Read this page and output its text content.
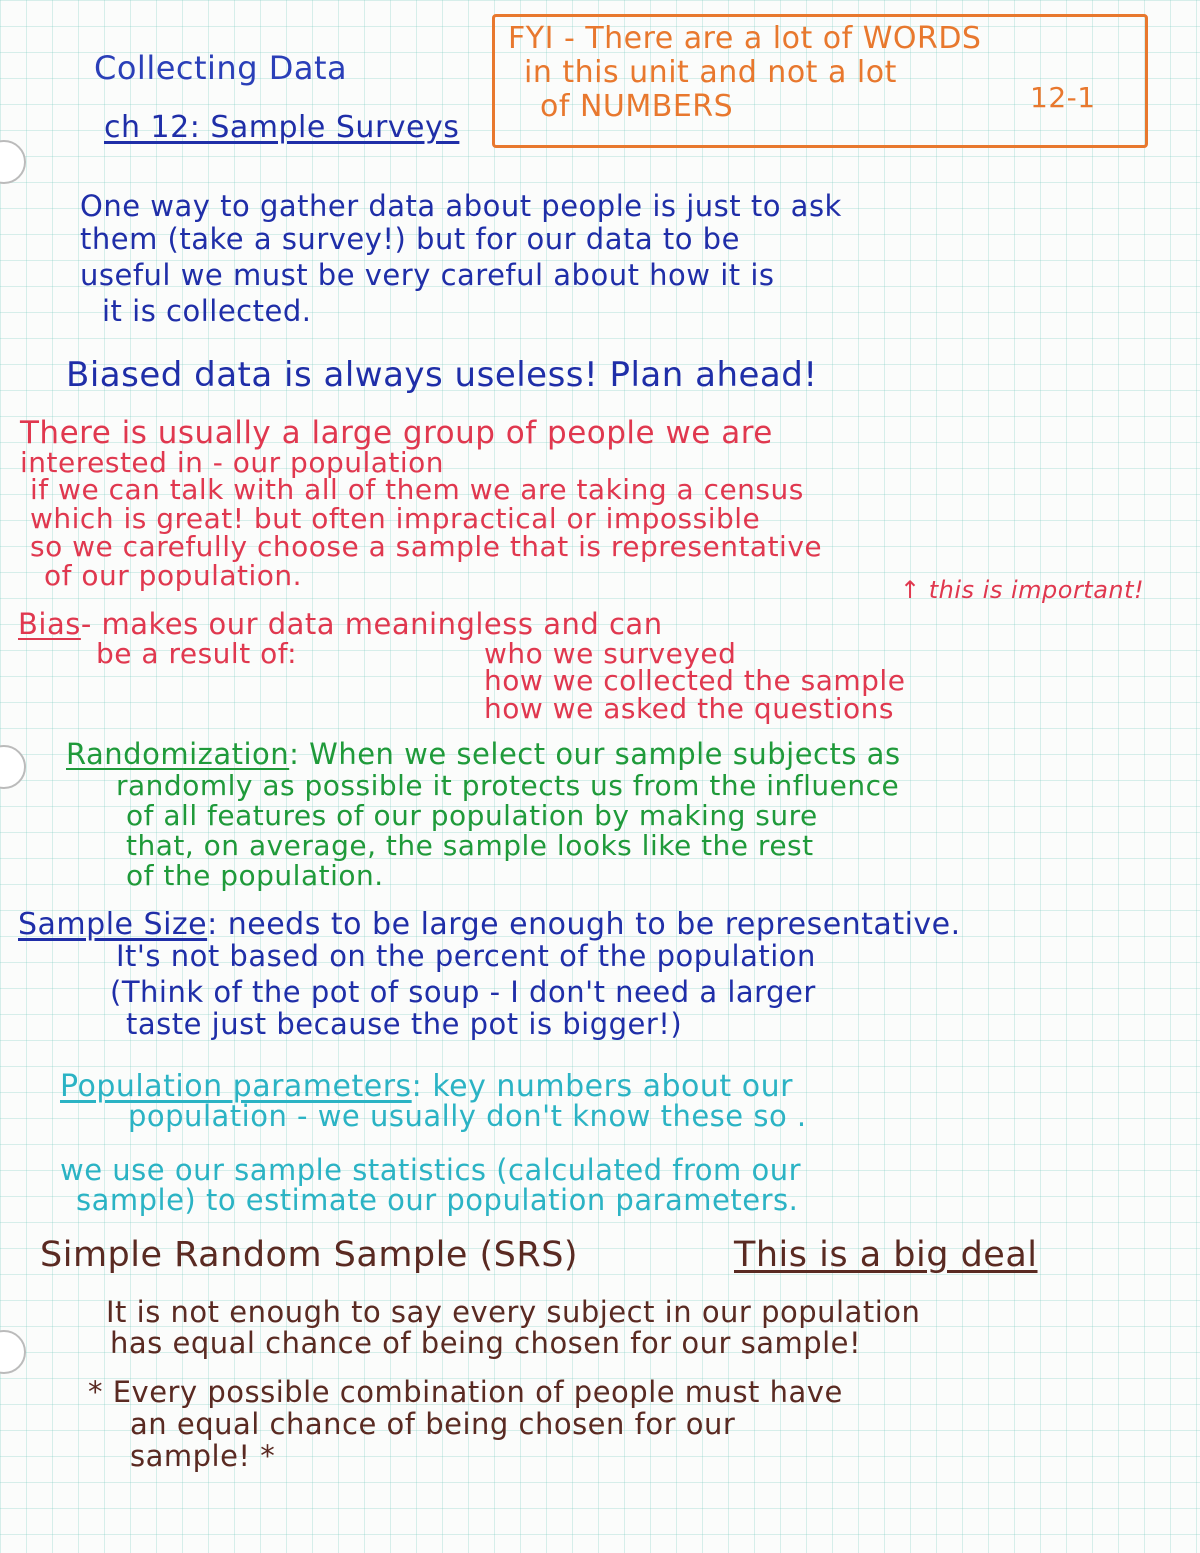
Collecting Data
ch 12: Sample Surveys
FYI - There are a lot of WORDS
in this unit and not a lot
of NUMBERS	12-1
One way to gather data about people is just to ask
them (take a survey!) but for our data to be
useful we must be very careful about how it is
it is collected.
Biased data is always useless! Plan ahead!
There is usually a large group of people we are
interested in - our population
if we can talk with all of them we are taking a census
which is great! but often impractical or impossible
so we carefully choose a sample that is representative
of our population.	↑ this is important!
Bias- makes our data meaningless and can
be a result of:	who we surveyed
how we collected the sample
how we asked the questions
Randomization: When we select our sample subjects as
randomly as possible it protects us from the influence
of all features of our population by making sure
that, on average, the sample looks like the rest
of the population.
Sample Size: needs to be large enough to be representative.
It's not based on the percent of the population
(Think of the pot of soup - I don't need a larger
taste just because the pot is bigger!)
Population parameters: key numbers about our
population - we usually don't know these so .
we use our sample statistics (calculated from our
sample) to estimate our population parameters.
Simple Random Sample (SRS)	This is a big deal
It is not enough to say every subject in our population
has equal chance of being chosen for our sample!
* Every possible combination of people must have
an equal chance of being chosen for our
sample! *
